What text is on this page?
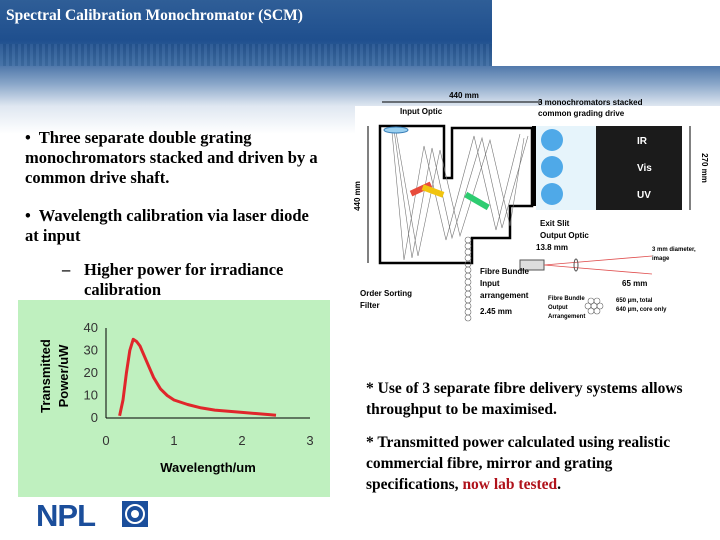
Spectral Calibration Monochromator (SCM)
• Three separate double grating monochromators stacked and driven by a common drive shaft.
• Wavelength calibration via laser diode at input
– Higher power for irradiance calibration
0
10
20
30
40
0	1	2	3
Wavelength/um
Transmitted Power/uW
440 mm
Input Optic
3 monochromators stacked
common grading drive
IR
Vis
UV
270 mm
440 mm
Exit Slit
Output Optic
13.8 mm	3 mm diameter,
image
Fibre Bundle
Input
arrangement
65 mm
Order Sorting
Filter
2.45 mm
Fibre Bundle
Output
Arrangement
650 µm, total
640 µm, core only
* Use of 3 separate fibre delivery systems allows throughput to be maximised.
* Transmitted power calculated using realistic commercial fibre, mirror and grating specifications, now lab tested.
NPL
